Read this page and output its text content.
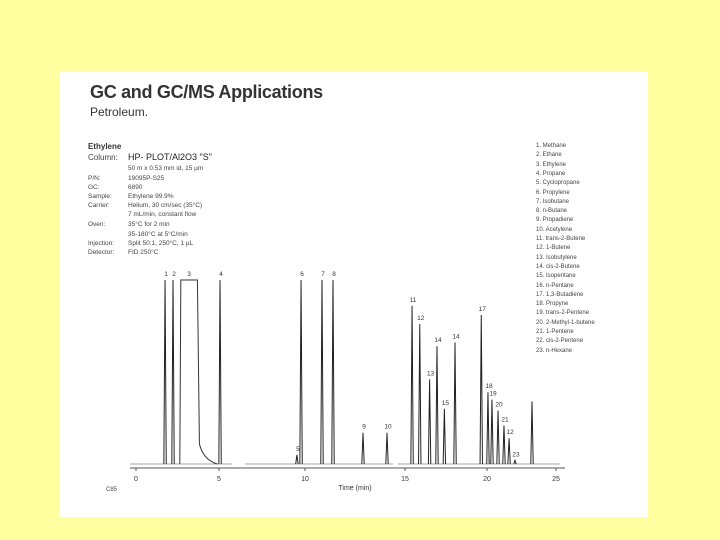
GC and GC/MS Applications
Petroleum.
Ethylene
Column: HP- PLOT/Al2O3 "S"
50 m x 0.53 mm id, 15 µm
P/N:	19095P-S25
GC:	6890
Sample: Ethylene 99.9%
Carrier:	Helium, 30 cm/sec (35°C)
7 mL/min, constant flow
Oven:	35°C for 2 min
35-180°C at 5°C/min
Injection: Split 50:1, 250°C, 1 µL
Detector: FID 250°C
1. Methane
2. Ethane
3. Ethylene
4. Propane
5. Cyclopropane
6. Propylene
7. Isobutane
8. n-Butane
9. Propadiene
10. Acetylene
11. trans-2-Butene
12. 1-Butene
13. Isobutylene
14. cis-2-Butene
15. Isopentane
16. n-Pentane
17. 1,3-Butadiene
18. Propyne
19. trans-2-Pentene
20. 2-Methyl-1-butene
21. 1-Pentene
22. cis-2-Pentene
23. n-Hexane
C85
0	5	10	15	20	25
Time (min)
1 2 3	4
5
6	7 8
9	10
11
12
13
14
15
14
17
18
19
20
21
12
23
